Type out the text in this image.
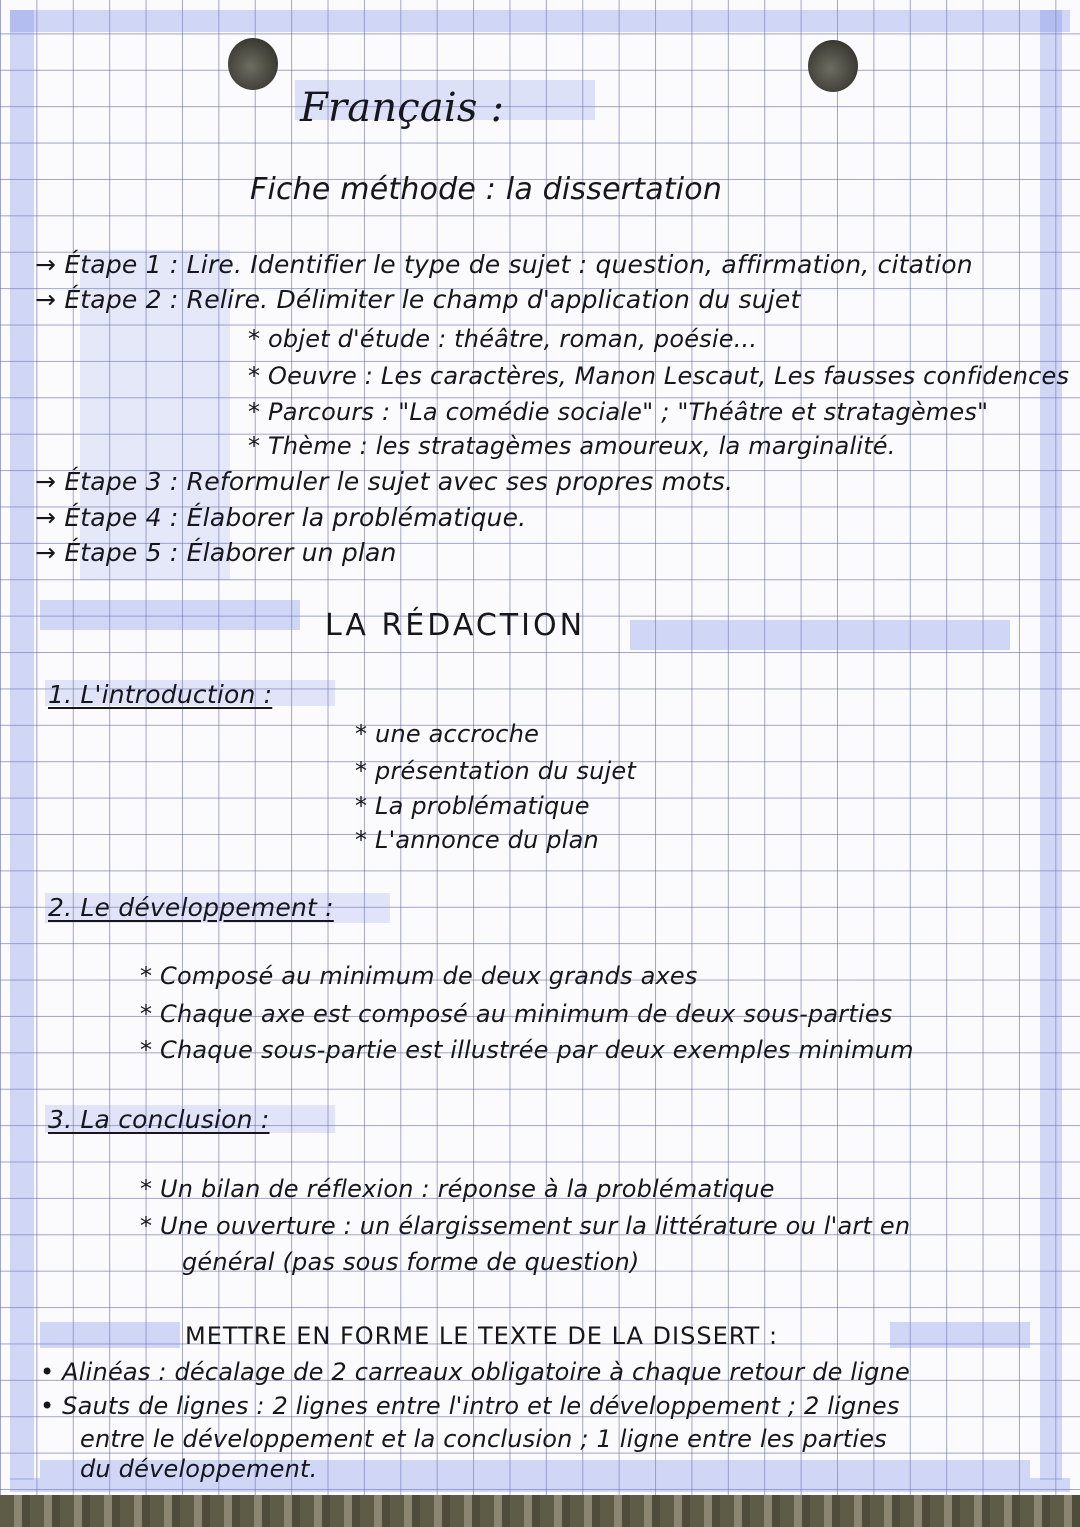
Français :
Fiche méthode : la dissertation
→ Étape 1 : Lire. Identifier le type de sujet : question, affirmation, citation
→ Étape 2 : Relire. Délimiter le champ d'application du sujet
* objet d'étude : théâtre, roman, poésie...
* Oeuvre : Les caractères, Manon Lescaut, Les fausses confidences
* Parcours : "La comédie sociale" ; "Théâtre et stratagèmes"
* Thème : les stratagèmes amoureux, la marginalité.
→ Étape 3 : Reformuler le sujet avec ses propres mots.
→ Étape 4 : Élaborer la problématique.
→ Étape 5 : Élaborer un plan
LA RÉDACTION
1. L'introduction :
* une accroche
* présentation du sujet
* La problématique
* L'annonce du plan
2. Le développement :
* Composé au minimum de deux grands axes
* Chaque axe est composé au minimum de deux sous-parties
* Chaque sous-partie est illustrée par deux exemples minimum
3. La conclusion :
* Un bilan de réflexion : réponse à la problématique
* Une ouverture : un élargissement sur la littérature ou l'art en
général (pas sous forme de question)
METTRE EN FORME LE TEXTE DE LA DISSERT :
• Alinéas : décalage de 2 carreaux obligatoire à chaque retour de ligne
• Sauts de lignes : 2 lignes entre l'intro et le développement ; 2 lignes
entre le développement et la conclusion ; 1 ligne entre les parties
du développement.
